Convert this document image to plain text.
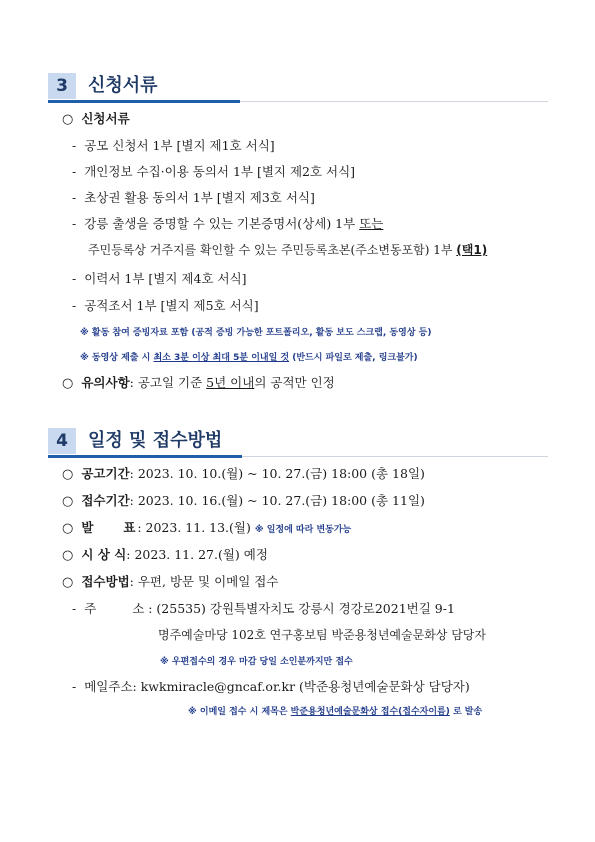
3	신청서류
○ 신청서류
- 공모 신청서 1부 [별지 제1호 서식]
- 개인정보 수집·이용 동의서 1부 [별지 제2호 서식]
- 초상권 활용 동의서 1부 [별지 제3호 서식]
- 강릉 출생을 증명할 수 있는 기본증명서(상세) 1부 또는
주민등록상 거주지를 확인할 수 있는 주민등록초본(주소변동포함) 1부 (택1)
- 이력서 1부 [별지 제4호 서식]
- 공적조서 1부 [별지 제5호 서식]
※ 활동 참여 증빙자료 포함 (공적 증빙 가능한 포트폴리오, 활동 보도 스크랩, 동영상 등)
※ 동영상 제출 시 최소 3분 이상 최대 5분 이내일 것 (반드시 파일로 제출, 링크불가)
○ 유의사항: 공고일 기준 5년 이내의 공적만 인정
4	일정 및 접수방법
○ 공고기간: 2023. 10. 10.(월) ~ 10. 27.(금) 18:00 (총 18일)
○ 접수기간: 2023. 10. 16.(월) ~ 10. 27.(금) 18:00 (총 11일)
○ 발 표 : 2023. 11. 13.(월) ※ 일정에 따라 변동가능
○ 시 상 식: 2023. 11. 27.(월) 예정
○ 접수방법: 우편, 방문 및 이메일 접수
- 주	소 : (25535) 강원특별자치도 강릉시 경강로2021번길 9-1
명주예술마당 102호 연구홍보팀 박준용청년예술문화상 담당자
※ 우편접수의 경우 마감 당일 소인분까지만 접수
- 메일주소: kwkmiracle@gncaf.or.kr (박준용청년예술문화상 담당자)
※ 이메일 접수 시 제목은 박준용청년예술문화상 접수(접수자이름) 로 발송
